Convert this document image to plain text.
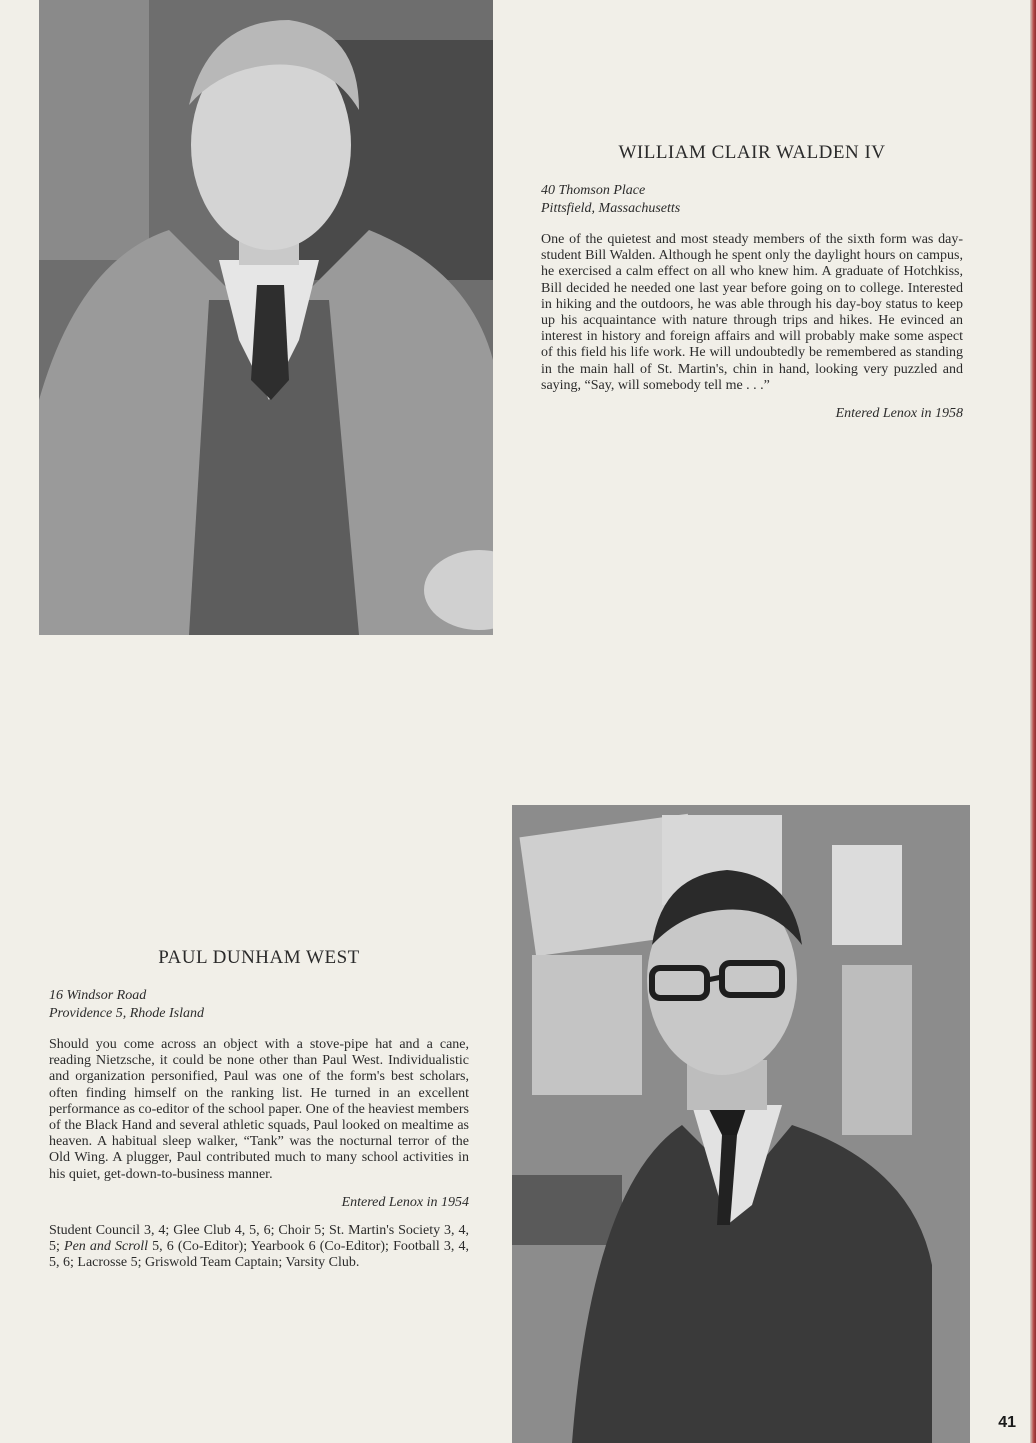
WILLIAM CLAIR WALDEN IV
40 Thomson Place
Pittsfield, Massachusetts
One of the quietest and most steady members of the sixth form was day-student Bill Walden. Although he spent only the daylight hours on campus, he exercised a calm effect on all who knew him. A graduate of Hotchkiss, Bill decided he needed one last year before going on to college. Interested in hiking and the outdoors, he was able through his day-boy status to keep up his acquaintance with nature through trips and hikes. He evinced an interest in history and foreign affairs and will probably make some aspect of this field his life work. He will undoubtedly be remembered as standing in the main hall of St. Martin's, chin in hand, looking very puzzled and saying, “Say, will somebody tell me . . .”
Entered Lenox in 1958
PAUL DUNHAM WEST
16 Windsor Road
Providence 5, Rhode Island
Should you come across an object with a stove-pipe hat and a cane, reading Nietzsche, it could be none other than Paul West. Individualistic and organization personified, Paul was one of the form's best scholars, often finding himself on the ranking list. He turned in an excellent performance as co-editor of the school paper. One of the heaviest members of the Black Hand and several athletic squads, Paul looked on mealtime as heaven. A habitual sleep walker, “Tank” was the nocturnal terror of the Old Wing. A plugger, Paul contributed much to many school activities in his quiet, get-down-to-business manner.
Entered Lenox in 1954
Student Council 3, 4; Glee Club 4, 5, 6; Choir 5; St. Martin's Society 3, 4, 5; Pen and Scroll 5, 6 (Co-Editor); Yearbook 6 (Co-Editor); Football 3, 4, 5, 6; Lacrosse 5; Griswold Team Captain; Varsity Club.
41
